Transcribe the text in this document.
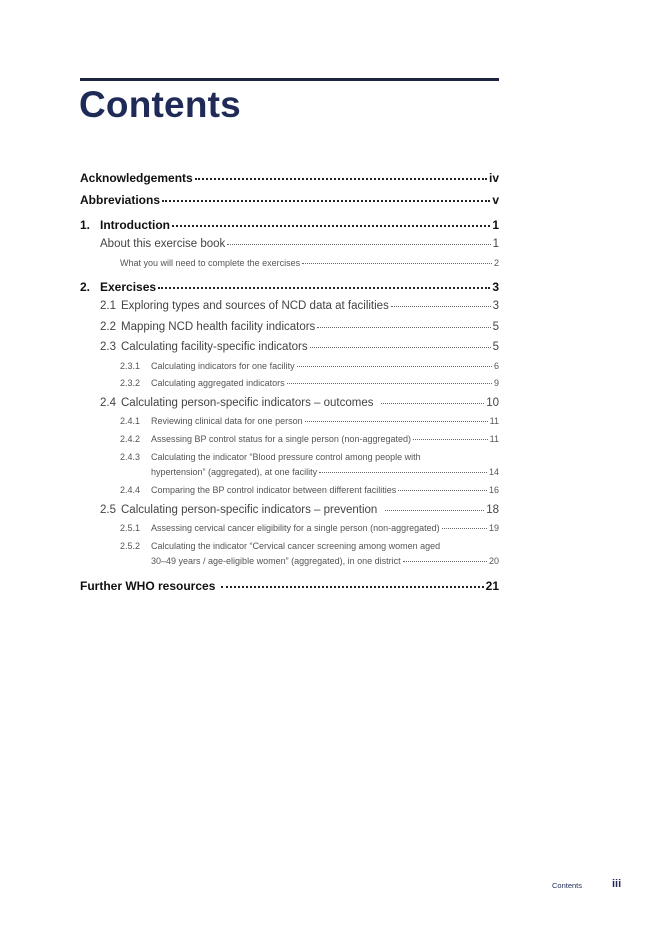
Contents
Acknowledgements	iv
Abbreviations	v
1. Introduction	1
About this exercise book	1
What you will need to complete the exercises	2
2. Exercises	3
2.1 Exploring types and sources of NCD data at facilities	3
2.2 Mapping NCD health facility indicators	5
2.3 Calculating facility-specific indicators	5
2.3.1	Calculating indicators for one facility	6
2.3.2	Calculating aggregated indicators	9
2.4 Calculating person-specific indicators – outcomes	10
2.4.1	Reviewing clinical data for one person	11
2.4.2	Assessing BP control status for a single person (non-aggregated)	11
2.4.3	Calculating the indicator “Blood pressure control among people with
hypertension” (aggregated), at one facility	14
2.4.4	Comparing the BP control indicator between different facilities	16
2.5 Calculating person-specific indicators – prevention	18
2.5.1	Assessing cervical cancer eligibility for a single person (non-aggregated)	19
2.5.2	Calculating the indicator “Cervical cancer screening among women aged
30–49 years / age-eligible women” (aggregated), in one district	20
Further WHO resources	21
Contents	iii
